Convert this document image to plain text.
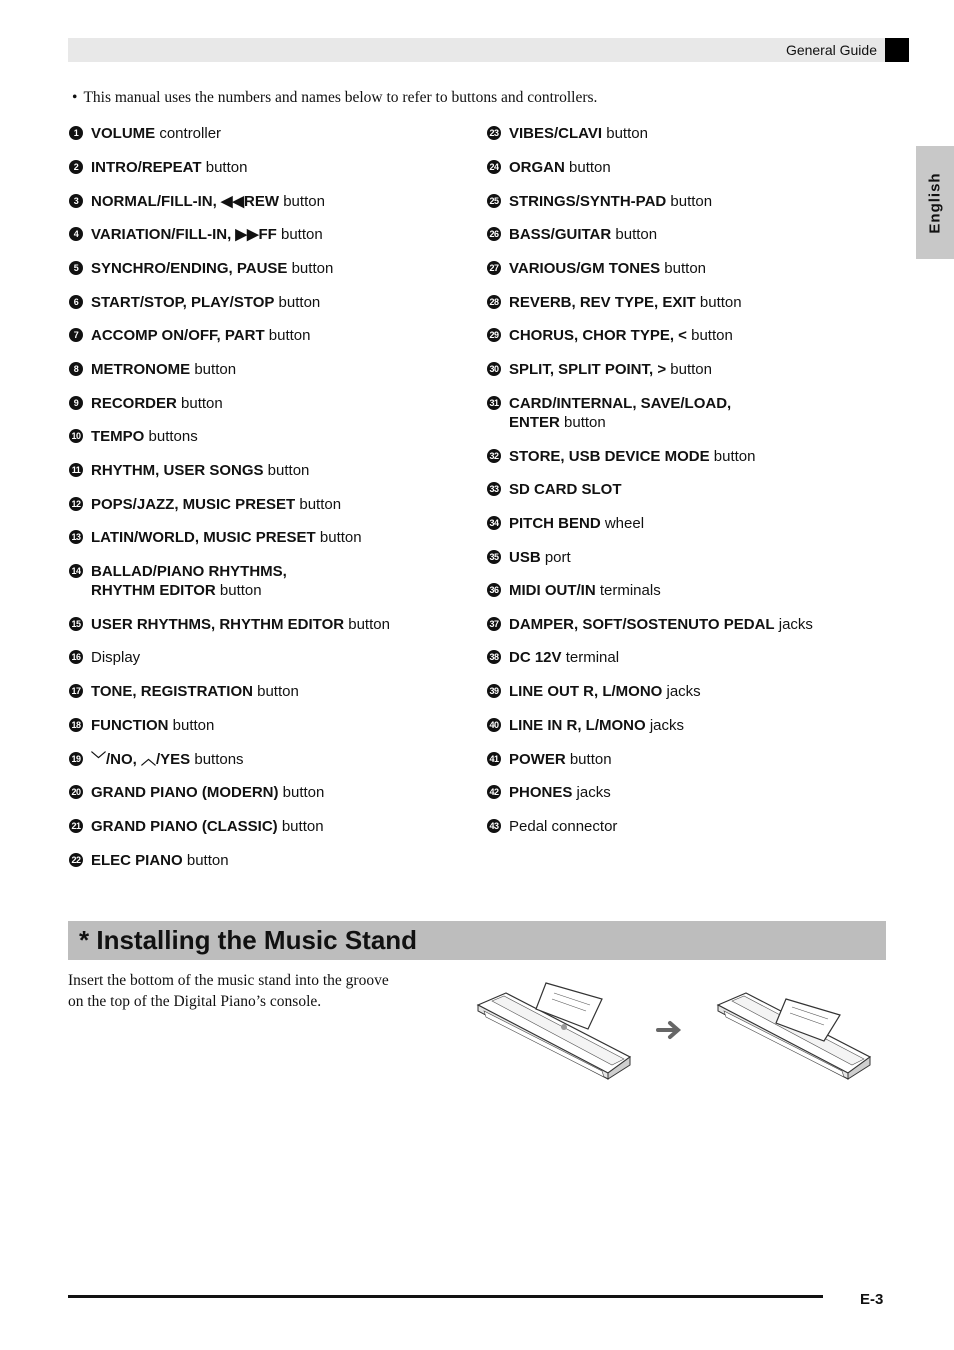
General Guide
English
• This manual uses the numbers and names below to refer to buttons and controllers.
1 VOLUME controller
2 INTRO/REPEAT button
3 NORMAL/FILL-IN, ◀◀REW button
4 VARIATION/FILL-IN, ▶▶FF button
5 SYNCHRO/ENDING, PAUSE button
6 START/STOP, PLAY/STOP button
7 ACCOMP ON/OFF, PART button
8 METRONOME button
9 RECORDER button
10 TEMPO buttons
11 RHYTHM, USER SONGS button
12 POPS/JAZZ, MUSIC PRESET button
13 LATIN/WORLD, MUSIC PRESET button
14 BALLAD/PIANO RHYTHMS,
RHYTHM EDITOR button
15 USER RHYTHMS, RHYTHM EDITOR button
16 Display
17 TONE, REGISTRATION button
18 FUNCTION button
19 ﹀/NO, ︿/YES buttons
20 GRAND PIANO (MODERN) button
21 GRAND PIANO (CLASSIC) button
22 ELEC PIANO button
23 VIBES/CLAVI button
24 ORGAN button
25 STRINGS/SYNTH-PAD button
26 BASS/GUITAR button
27 VARIOUS/GM TONES button
28 REVERB, REV TYPE, EXIT button
29 CHORUS, CHOR TYPE, < button
30 SPLIT, SPLIT POINT, > button
31 CARD/INTERNAL, SAVE/LOAD,
ENTER button
32 STORE, USB DEVICE MODE button
33 SD CARD SLOT
34 PITCH BEND wheel
35 USB port
36 MIDI OUT/IN terminals
37 DAMPER, SOFT/SOSTENUTO PEDAL jacks
38 DC 12V terminal
39 LINE OUT R, L/MONO jacks
40 LINE IN R, L/MONO jacks
41 POWER button
42 PHONES jacks
43 Pedal connector
* Installing the Music Stand
Insert the bottom of the music stand into the groove on the top of the Digital Piano’s console.
E-3
